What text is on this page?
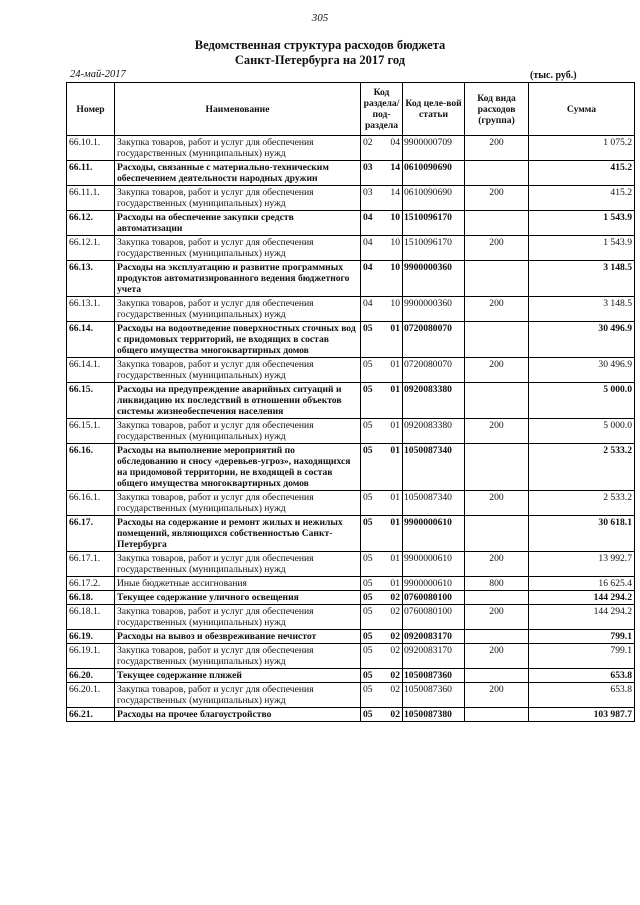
305
Ведомственная структура расходов бюджета
Санкт-Петербурга на 2017 год
24-май-2017	(тыс. руб.)
Номер	Наименование	Код раздела/ под-раздела		Код целе-вой статьи	Код вида расходов (группа)	Сумма
66.10.1.	Закупка товаров, работ и услуг для обеспечения государственных (муниципальных) нужд	02	04	9900000709	200	1 075.2
66.11.	Расходы, связанные с материально-техническим обеспечением деятельности народных дружин	03	14	0610090690		415.2
66.11.1.	Закупка товаров, работ и услуг для обеспечения государственных (муниципальных) нужд	03	14	0610090690	200	415.2
66.12.	Расходы на обеспечение закупки средств автоматизации	04	10	1510096170		1 543.9
66.12.1.	Закупка товаров, работ и услуг для обеспечения государственных (муниципальных) нужд	04	10	1510096170	200	1 543.9
66.13.	Расходы на эксплуатацию и развитие программных продуктов автоматизированного ведения бюджетного учета	04	10	9900000360		3 148.5
66.13.1.	Закупка товаров, работ и услуг для обеспечения государственных (муниципальных) нужд	04	10	9900000360	200	3 148.5
66.14.	Расходы на водоотведение поверхностных сточных вод с придомовых территорий, не входящих в состав общего имущества многоквартирных домов	05	01	0720080070		30 496.9
66.14.1.	Закупка товаров, работ и услуг для обеспечения государственных (муниципальных) нужд	05	01	0720080070	200	30 496.9
66.15.	Расходы на предупреждение аварийных ситуаций и ликвидацию их последствий в отношении объектов системы жизнеобеспечения населения	05	01	0920083380		5 000.0
66.15.1.	Закупка товаров, работ и услуг для обеспечения государственных (муниципальных) нужд	05	01	0920083380	200	5 000.0
66.16.	Расходы на выполнение мероприятий по обследованию и сносу «деревьев-угроз», находящихся на придомовой территории, не входящей в состав общего имущества многоквартирных домов	05	01	1050087340		2 533.2
66.16.1.	Закупка товаров, работ и услуг для обеспечения государственных (муниципальных) нужд	05	01	1050087340	200	2 533.2
66.17.	Расходы на содержание и ремонт жилых и нежилых помещений, являющихся собственностью Санкт-Петербурга	05	01	9900000610		30 618.1
66.17.1.	Закупка товаров, работ и услуг для обеспечения государственных (муниципальных) нужд	05	01	9900000610	200	13 992.7
66.17.2.	Иные бюджетные ассигнования	05	01	9900000610	800	16 625.4
66.18.	Текущее содержание уличного освещения	05	02	0760080100		144 294.2
66.18.1.	Закупка товаров, работ и услуг для обеспечения государственных (муниципальных) нужд	05	02	0760080100	200	144 294.2
66.19.	Расходы на вывоз и обезвреживание нечистот	05	02	0920083170		799.1
66.19.1.	Закупка товаров, работ и услуг для обеспечения государственных (муниципальных) нужд	05	02	0920083170	200	799.1
66.20.	Текущее содержание пляжей	05	02	1050087360		653.8
66.20.1.	Закупка товаров, работ и услуг для обеспечения государственных (муниципальных) нужд	05	02	1050087360	200	653.8
66.21.	Расходы на прочее благоустройство	05	02	1050087380		103 987.7
